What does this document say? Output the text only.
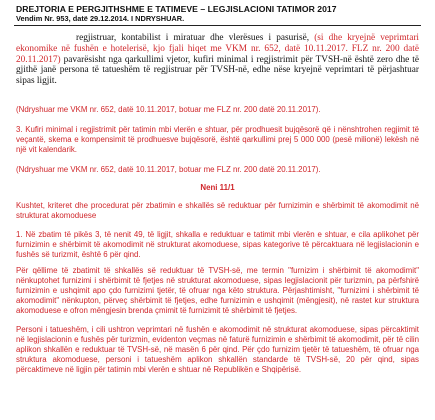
DREJTORIA E PERGJITHSHME E TATIMEVE – LEGJISLACIONI TATIMOR 2017
Vendim Nr. 953, datë 29.12.2014. I NDRYSHUAR.

regjistruar, kontabilist i miratuar dhe vlerësues i pasurisë, (si dhe kryejnë veprimtari ekonomike në fushën e hotelerisë, kjo fjali hiqet me VKM nr. 652, datë 10.11.2017. FLZ nr. 200 datë 20.11.2017) pavarësisht nga qarkullimi vjetor, kufiri minimal i regjistrimit për TVSH-në është zero dhe të gjithë janë persona të tatueshëm të regjistruar për TVSH-në, edhe nëse kryejnë veprimtari të përjashtuar sipas ligjit.

(Ndryshuar me VKM nr. 652, datë 10.11.2017, botuar me FLZ nr. 200 datë 20.11.2017).

3. Kufiri minimal i regjistrimit për tatimin mbi vlerën e shtuar, për prodhuesit bujqësorë që i nënshtrohen regjimit të veçantë, skema e kompensimit të prodhuesve bujqësorë, është qarkullimi prej 5 000 000 (pesë milionë) lekësh në një vit kalendarik.

(Ndryshuar me VKM nr. 652, datë 10.11.2017, botuar me FLZ nr. 200 datë 20.11.2017).

Neni 11/1

Kushtet, kriteret dhe procedurat për zbatimin e shkallës së reduktuar për furnizimin e shërbimit të akomodimit në strukturat akomoduese

1. Në zbatim të pikës 3, të nenit 49, të ligjit, shkalla e reduktuar e tatimit mbi vlerën e shtuar, e cila aplikohet për furnizimin e shërbimit të akomodimit në strukturat akomoduese, sipas kategorive të përcaktuara në legjislacionin e fushës së turizmit, është 6 për qind.

Për qëllime të zbatimit të shkallës së reduktuar të TVSH-së, me termin "furnizim i shërbimit të akomodimit" nënkuptohet furnizimi i shërbimit të fjetjes në strukturat akomoduese, sipas legjislacionit për turizmin, pa përfshirë furnizimin e ushqimit apo çdo furnizimi tjetër, të ofruar nga këto struktura. Përjashtimisht, "furnizimi i shërbimit të akomodimit" nënkupton, përveç shërbimit të fjetjes, edhe furnizimin e ushqimit (mëngjesit), në rastet kur struktura akomoduese e ofron mëngjesin brenda çmimit të furnizimit të shërbimit të fjetjes.

Personi i tatueshëm, i cili ushtron veprimtari në fushën e akomodimit në strukturat akomoduese, sipas përcaktimit në legjislacionin e fushës për turizmin, evidenton veçmas në faturë furnizimin e shërbimit të akomodimit, për të cilin aplikon shkallën e reduktuar të TVSH-së, në masën 6 për qind. Për çdo furnizim tjetër të tatueshëm, të ofruar nga struktura akomoduese, personi i tatueshëm aplikon shkallën standarde të TVSH-së, 20 për qind, sipas përcaktimeve në ligjin për tatimin mbi vlerën e shtuar në Republikën e Shqipërisë.
